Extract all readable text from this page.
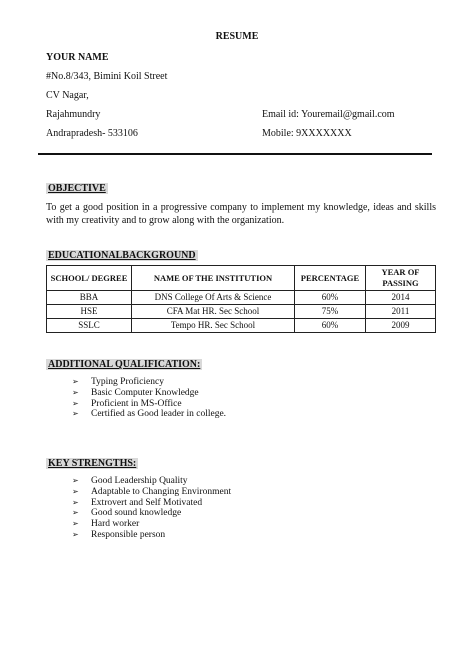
RESUME
YOUR NAME
#No.8/343, Bimini Koil Street
CV Nagar,
Rajahmundry	Email id: Youremail@gmail.com
Andrapradesh- 533106	Mobile: 9XXXXXXX
OBJECTIVE
To get a good position in a progressive company to implement my knowledge, ideas and skills with my creativity and to grow along with the organization.
EDUCATIONALBACKGROUND
SCHOOL/ DEGREE	NAME OF THE INSTITUTION	PERCENTAGE	YEAR OF PASSING
BBA	DNS College Of Arts & Science	60%	2014
HSE	CFA Mat HR. Sec School	75%	2011
SSLC	Tempo HR. Sec School	60%	2009
ADDITIONAL QUALIFICATION:
➢ Typing Proficiency
➢ Basic Computer Knowledge
➢ Proficient in MS-Office
➢ Certified as Good leader in college.
KEY STRENGTHS:
➢ Good Leadership Quality
➢ Adaptable to Changing Environment
➢ Extrovert and Self Motivated
➢ Good sound knowledge
➢ Hard worker
➢ Responsible person
